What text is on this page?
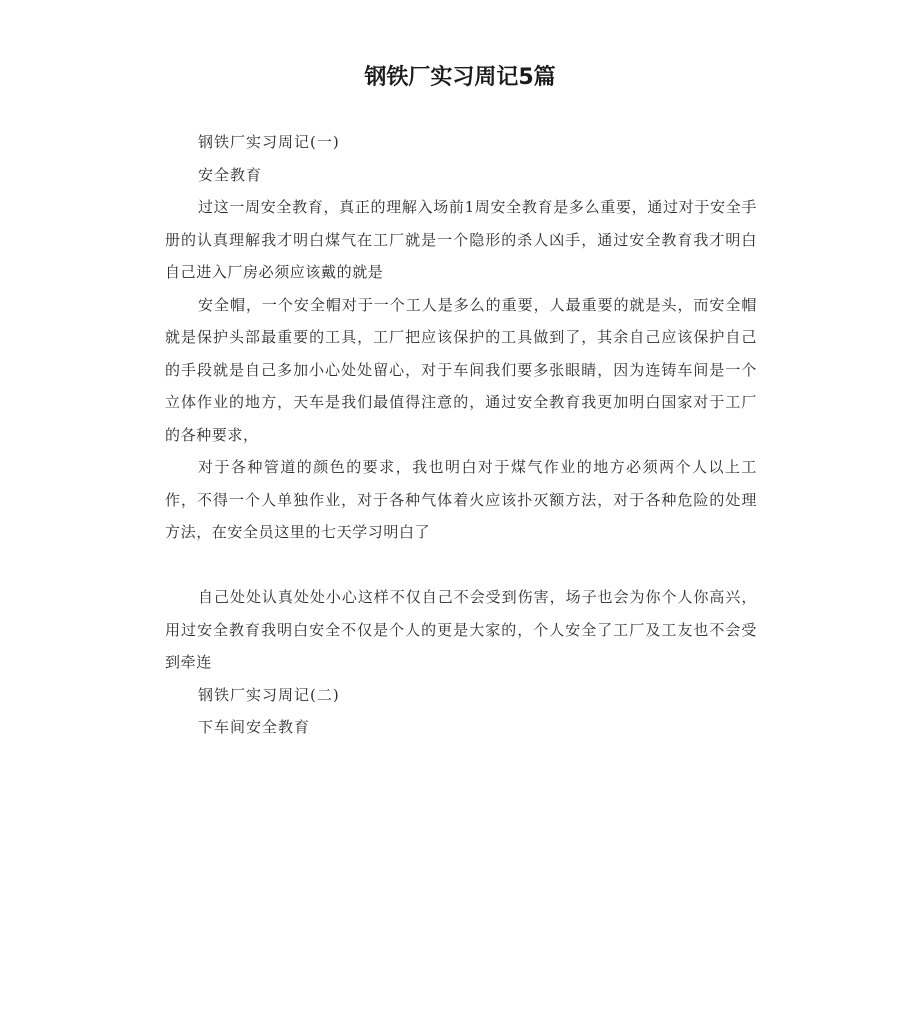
钢铁厂实习周记5篇

钢铁厂实习周记(一)

安全教育

过这一周安全教育，真正的理解入场前1周安全教育是多么重要，通过对于安全手册的认真理解我才明白煤气在工厂就是一个隐形的杀人凶手，通过安全教育我才明白自己进入厂房必须应该戴的就是

安全帽，一个安全帽对于一个工人是多么的重要，人最重要的就是头，而安全帽就是保护头部最重要的工具，工厂把应该保护的工具做到了，其余自己应该保护自己的手段就是自己多加小心处处留心，对于车间我们要多张眼睛，因为连铸车间是一个立体作业的地方，天车是我们最值得注意的，通过安全教育我更加明白国家对于工厂的各种要求，

对于各种管道的颜色的要求，我也明白对于煤气作业的地方必须两个人以上工作，不得一个人单独作业，对于各种气体着火应该扑灭额方法，对于各种危险的处理方法，在安全员这里的七天学习明白了

自己处处认真处处小心这样不仅自己不会受到伤害，场子也会为你个人你高兴，用过安全教育我明白安全不仅是个人的更是大家的，个人安全了工厂及工友也不会受到牵连

钢铁厂实习周记(二)

下车间安全教育
